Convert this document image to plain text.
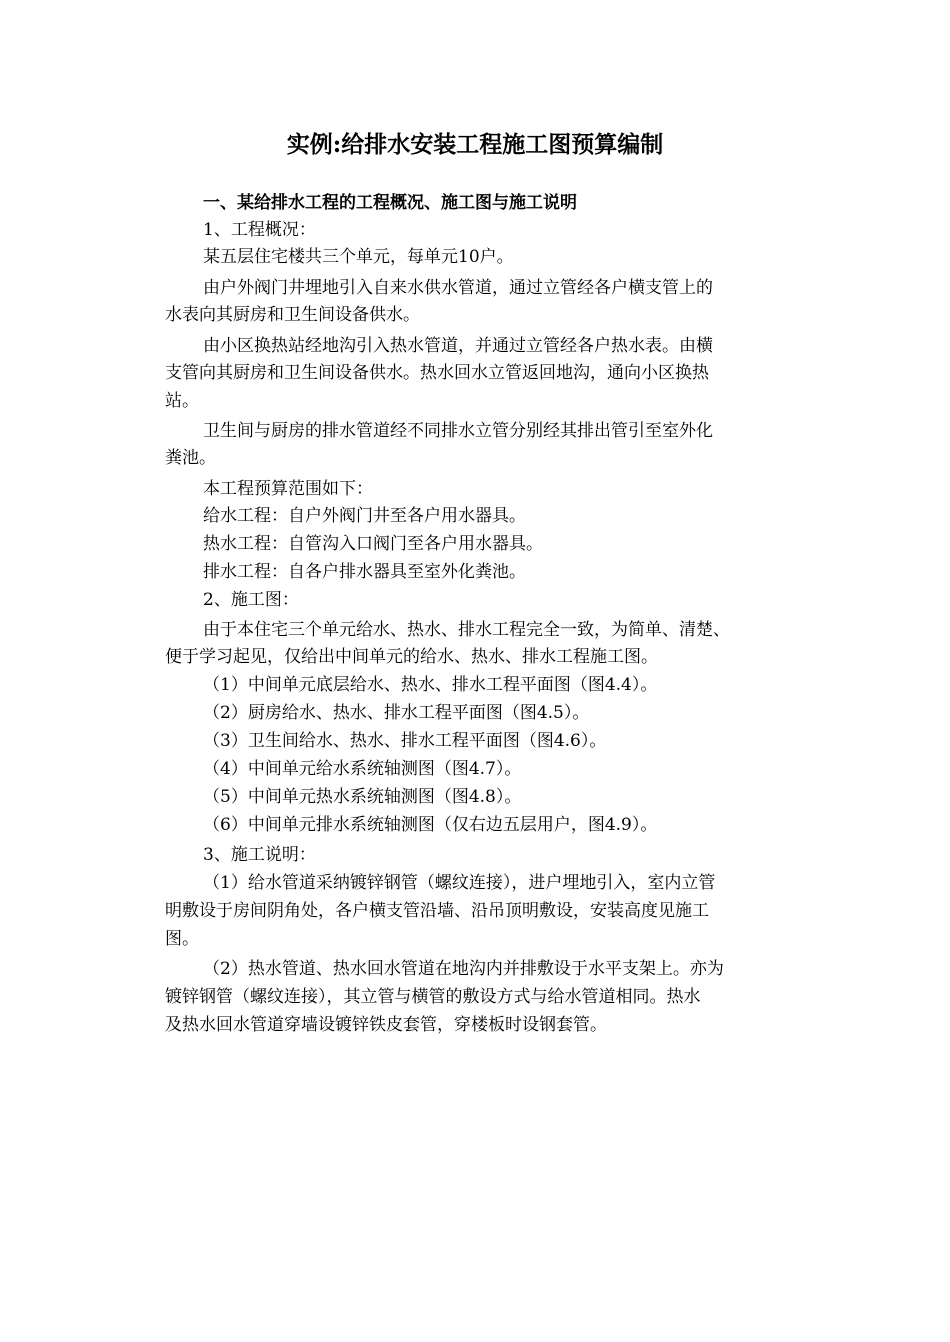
实例:给排水安装工程施工图预算编制
一、某给排水工程的工程概况、施工图与施工说明
1、工程概况：
某五层住宅楼共三个单元，每单元10户。
由户外阀门井埋地引入自来水供水管道，通过立管经各户横支管上的
水表向其厨房和卫生间设备供水。
由小区换热站经地沟引入热水管道，并通过立管经各户热水表。由横
支管向其厨房和卫生间设备供水。热水回水立管返回地沟，通向小区换热
站。
卫生间与厨房的排水管道经不同排水立管分别经其排出管引至室外化
粪池。
本工程预算范围如下：
给水工程：自户外阀门井至各户用水器具。
热水工程：自管沟入口阀门至各户用水器具。
排水工程：自各户排水器具至室外化粪池。
2、施工图：
由于本住宅三个单元给水、热水、排水工程完全一致，为简单、清楚、
便于学习起见，仅给出中间单元的给水、热水、排水工程施工图。
（1）中间单元底层给水、热水、排水工程平面图（图4.4）。
（2）厨房给水、热水、排水工程平面图（图4.5）。
（3）卫生间给水、热水、排水工程平面图（图4.6）。
（4）中间单元给水系统轴测图（图4.7）。
（5）中间单元热水系统轴测图（图4.8）。
（6）中间单元排水系统轴测图（仅右边五层用户，图4.9）。
3、施工说明：
（1）给水管道采纳镀锌钢管（螺纹连接），进户埋地引入，室内立管
明敷设于房间阴角处，各户横支管沿墙、沿吊顶明敷设，安装高度见施工
图。
（2）热水管道、热水回水管道在地沟内并排敷设于水平支架上。亦为
镀锌钢管（螺纹连接），其立管与横管的敷设方式与给水管道相同。热水
及热水回水管道穿墙设镀锌铁皮套管，穿楼板时设钢套管。
